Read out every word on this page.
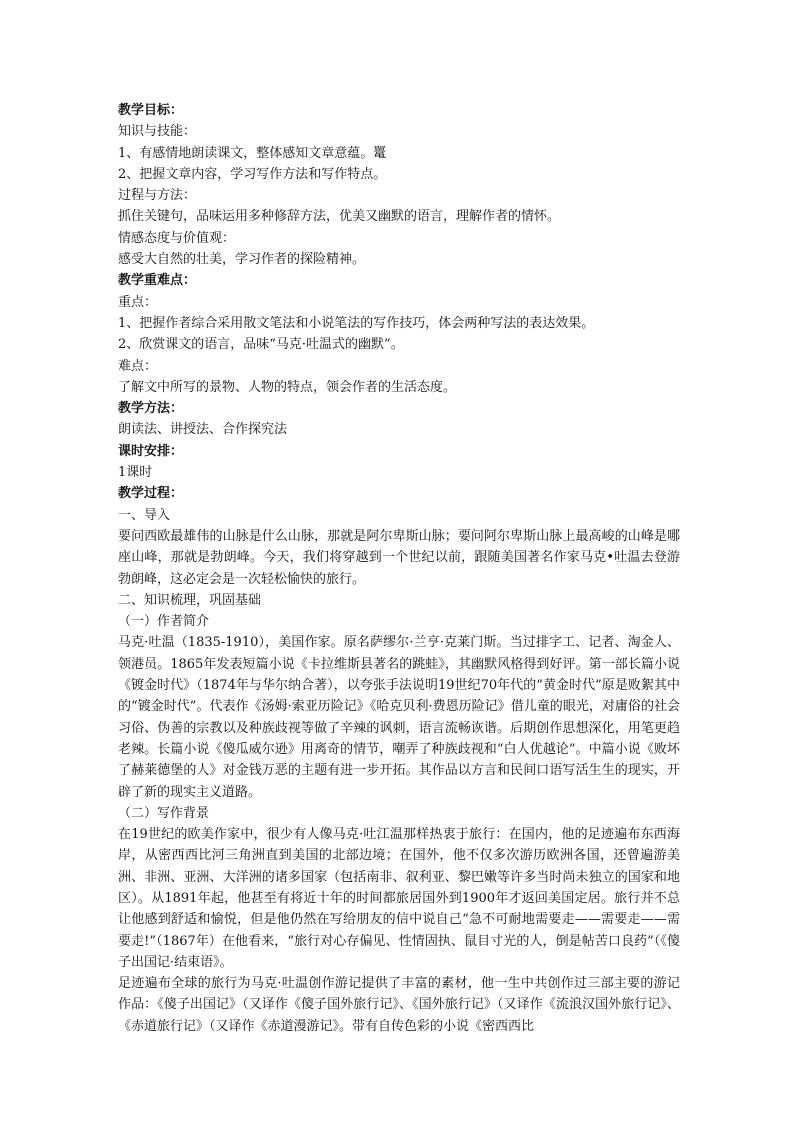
教学目标：
知识与技能：
1、有感情地朗读课文，整体感知文章意蕴。鼍
2、把握文章内容，学习写作方法和写作特点。
过程与方法：
抓住关键句，品味运用多种修辞方法，优美又幽默的语言，理解作者的情怀。
情感态度与价值观：
感受大自然的壮美，学习作者的探险精神。
教学重难点：
重点：
1、把握作者综合采用散文笔法和小说笔法的写作技巧，体会两种写法的表达效果。
2、欣赏课文的语言，品味“马克·吐温式的幽默”。
难点：
了解文中所写的景物、人物的特点，领会作者的生活态度。
教学方法：
朗读法、讲授法、合作探究法
课时安排：
1课时
教学过程：
一、导入
要问西欧最雄伟的山脉是什么山脉，那就是阿尔卑斯山脉；要问阿尔卑斯山脉上最高峻的山峰是哪座山峰，那就是勃朗峰。今天，我们将穿越到一个世纪以前，跟随美国著名作家马克•吐温去登游勃朗峰，这必定会是一次轻松愉快的旅行。
二、知识梳理，巩固基础
（一）作者简介
马克·吐温（1835-1910），美国作家。原名萨缪尔·兰亨·克莱门斯。当过排字工、记者、淘金人、领港员。1865年发表短篇小说《卡拉维斯县著名的跳蛙》，其幽默风格得到好评。第一部长篇小说《镀金时代》（1874年与华尔纳合著），以夸张手法说明19世纪70年代的“黄金时代”原是败絮其中的“镀金时代”。代表作《汤姆·索亚历险记》《哈克贝利·费恩历险记》借儿童的眼光，对庸俗的社会习俗、伪善的宗教以及种族歧视等做了辛辣的讽刺，语言流畅诙谐。后期创作思想深化，用笔更趋老辣。长篇小说《傻瓜威尔逊》用离奇的情节，嘲弄了种族歧视和“白人优越论”。中篇小说《败坏了赫莱德堡的人》对金钱万恶的主题有进一步开拓。其作品以方言和民间口语写活生生的现实，开辟了新的现实主义道路。
（二）写作背景
在19世纪的欧美作家中，很少有人像马克·吐江温那样热衷于旅行：在国内，他的足迹遍布东西海岸，从密西西比河三角洲直到美国的北部边境；在国外，他不仅多次游历欧洲各国，还曾遍游美洲、非洲、亚洲、大洋洲的诸多国家（包括南非、叙利亚、黎巴嫩等许多当时尚未独立的国家和地区）。从1891年起，他甚至有将近十年的时间都旅居国外到1900年才返回美国定居。旅行并不总让他感到舒适和愉悦，但是他仍然在写给朋友的信中说自己“急不可耐地需要走——需要走——需要走!”（1867年）在他看来，“旅行对心存偏见、性情固执、鼠目寸光的人，倒是帖苦口良药”（《傻子出国记·结束语》。
足迹遍布全球的旅行为马克·吐温创作游记提供了丰富的素材，他一生中共创作过三部主要的游记作品：《傻子出国记》（又译作《傻子国外旅行记》、《国外旅行记》（又译作《流浪汉国外旅行记》、《赤道旅行记》（又译作《赤道漫游记》。带有自传色彩的小说《密西西比
